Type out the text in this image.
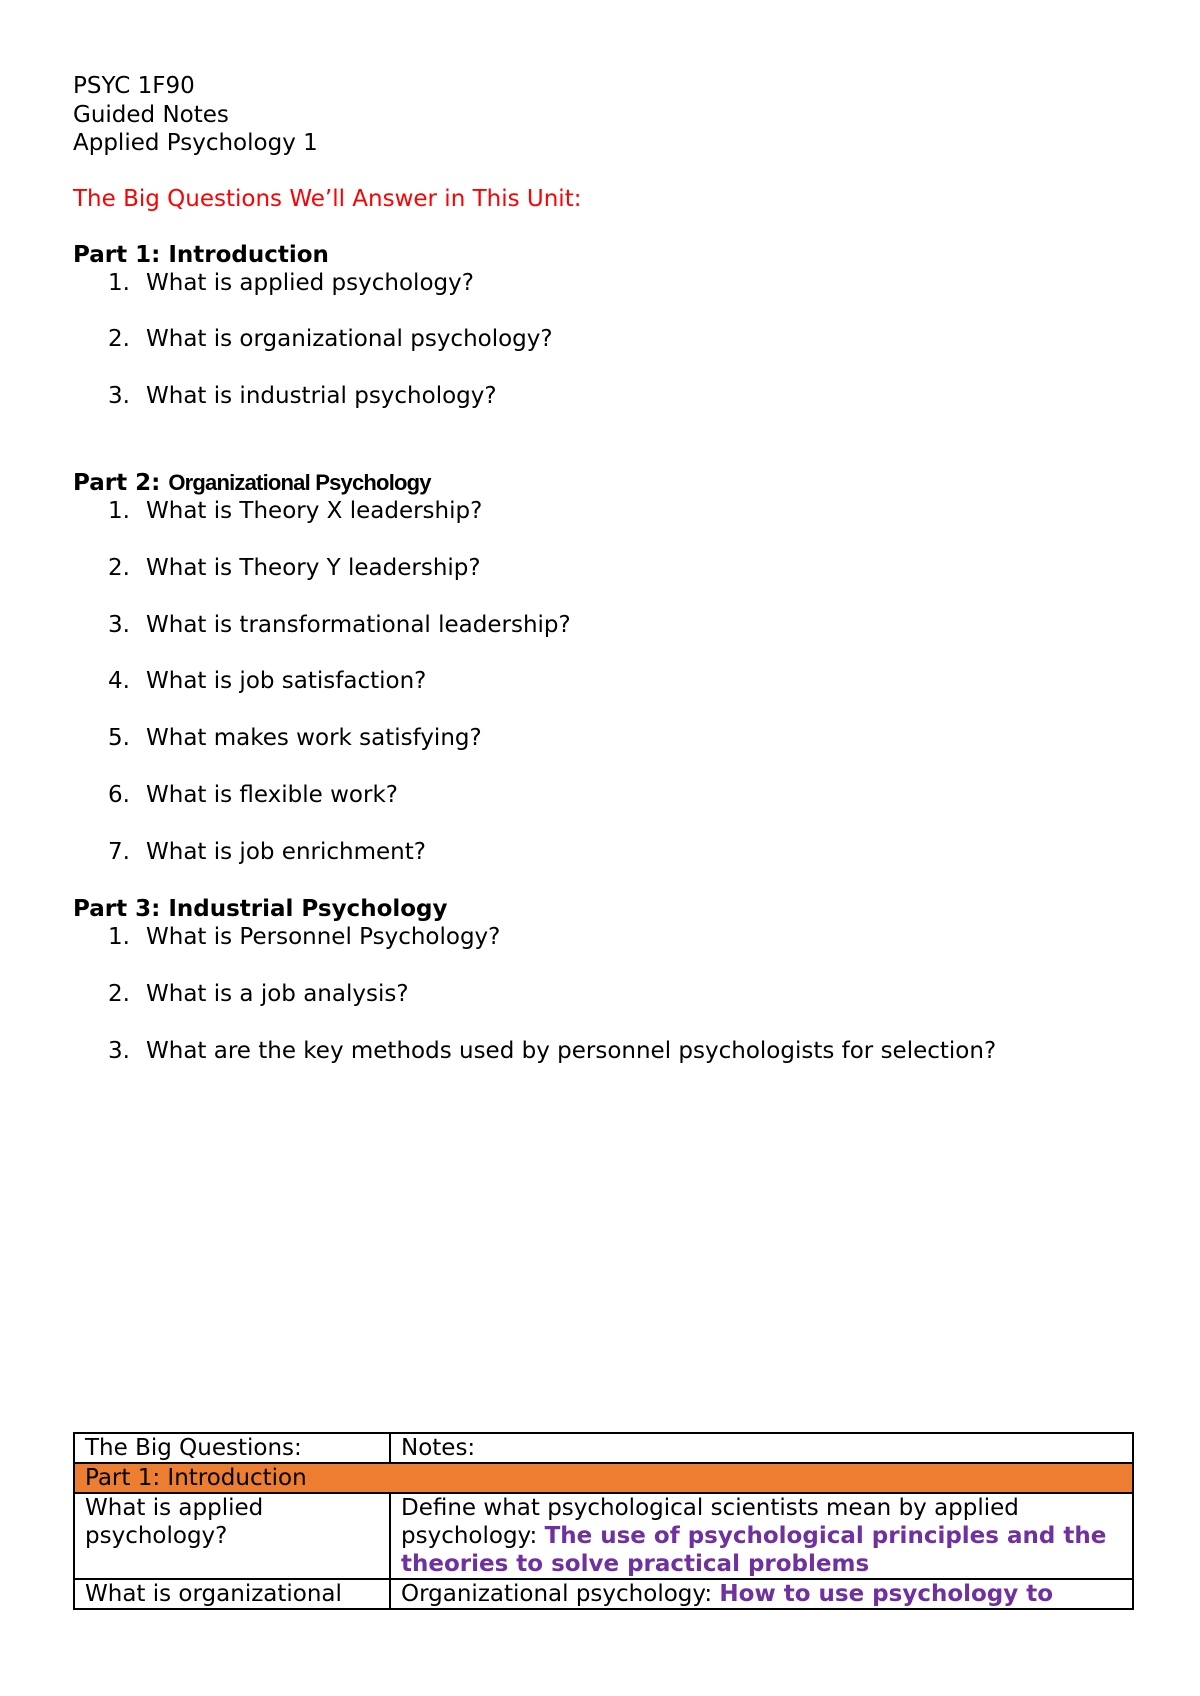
PSYC 1F90
Guided Notes
Applied Psychology 1
The Big Questions We’ll Answer in This Unit:
Part 1: Introduction
1. What is applied psychology?
2. What is organizational psychology?
3. What is industrial psychology?
Part 2: Organizational Psychology
1. What is Theory X leadership?
2. What is Theory Y leadership?
3. What is transformational leadership?
4. What is job satisfaction?
5. What makes work satisfying?
6. What is flexible work?
7. What is job enrichment?
Part 3: Industrial Psychology
1. What is Personnel Psychology?
2. What is a job analysis?
3. What are the key methods used by personnel psychologists for selection?
The Big Questions:	Notes:
Part 1: Introduction	
What is applied psychology?	Define what psychological scientists mean by applied psychology: The use of psychological principles and the theories to solve practical problems
What is organizational	Organizational psychology: How to use psychology to
